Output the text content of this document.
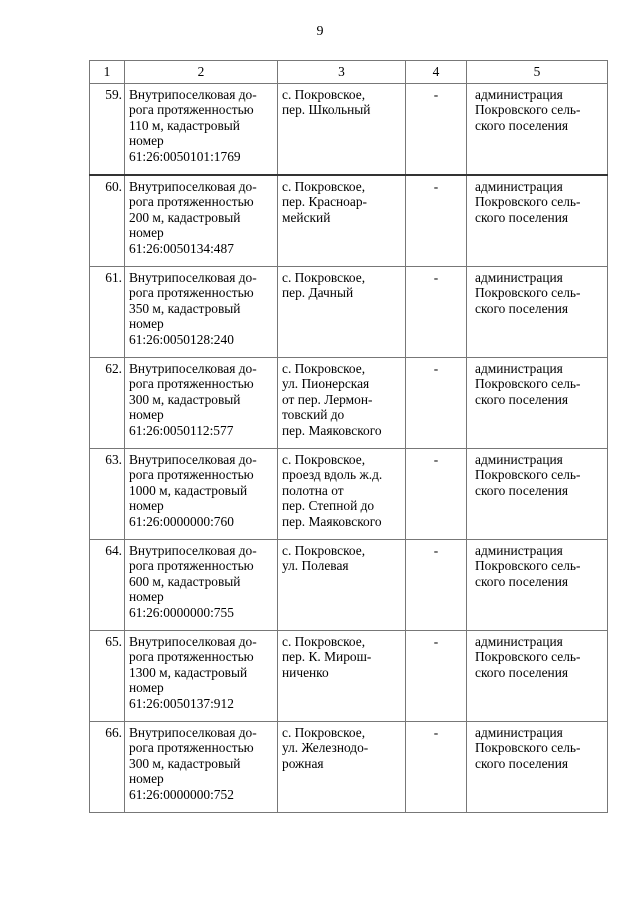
9
1	2	3	4	5
59.	Внутрипоселковая до-
рога протяженностью
110 м, кадастровый
номер
61:26:0050101:1769	с. Покровское,
пер. Школьный	-	администрация
Покровского сель-
ского поселения
60.	Внутрипоселковая до-
рога протяженностью
200 м, кадастровый
номер
61:26:0050134:487	с. Покровское,
пер. Красноар-
мейский	-	администрация
Покровского сель-
ского поселения
61.	Внутрипоселковая до-
рога протяженностью
350 м, кадастровый
номер
61:26:0050128:240	с. Покровское,
пер. Дачный	-	администрация
Покровского сель-
ского поселения
62.	Внутрипоселковая до-
рога протяженностью
300 м, кадастровый
номер
61:26:0050112:577	с. Покровское,
ул. Пионерская
от пер. Лермон-
товский до
пер. Маяковского	-	администрация
Покровского сель-
ского поселения
63.	Внутрипоселковая до-
рога протяженностью
1000 м, кадастровый
номер
61:26:0000000:760	с. Покровское,
проезд вдоль ж.д.
полотна от
пер. Степной до
пер. Маяковского	-	администрация
Покровского сель-
ского поселения
64.	Внутрипоселковая до-
рога протяженностью
600 м, кадастровый
номер
61:26:0000000:755	с. Покровское,
ул. Полевая	-	администрация
Покровского сель-
ского поселения
65.	Внутрипоселковая до-
рога протяженностью
1300 м, кадастровый
номер
61:26:0050137:912	с. Покровское,
пер. К. Мирош-
ниченко	-	администрация
Покровского сель-
ского поселения
66.	Внутрипоселковая до-
рога протяженностью
300 м, кадастровый
номер
61:26:0000000:752	с. Покровское,
ул. Железнодо-
рожная	-	администрация
Покровского сель-
ского поселения
